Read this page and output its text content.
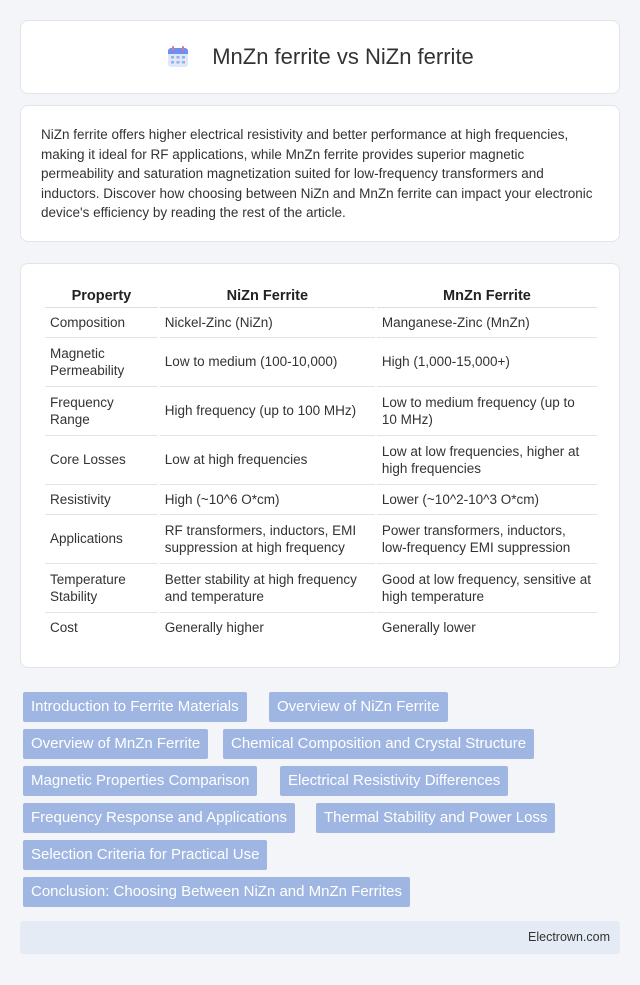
MnZn ferrite vs NiZn ferrite

NiZn ferrite offers higher electrical resistivity and better performance at high frequencies, making it ideal for RF applications, while MnZn ferrite provides superior magnetic permeability and saturation magnetization suited for low-frequency transformers and inductors. Discover how choosing between NiZn and MnZn ferrite can impact your electronic device's efficiency by reading the rest of the article.

Property	NiZn Ferrite	MnZn Ferrite
Composition	Nickel-Zinc (NiZn)	Manganese-Zinc (MnZn)
Magnetic Permeability	Low to medium (100-10,000)	High (1,000-15,000+)
Frequency Range	High frequency (up to 100 MHz)	Low to medium frequency (up to 10 MHz)
Core Losses	Low at high frequencies	Low at low frequencies, higher at high frequencies
Resistivity	High (~10^6 O*cm)	Lower (~10^2-10^3 O*cm)
Applications	RF transformers, inductors, EMI suppression at high frequency	Power transformers, inductors, low-frequency EMI suppression
Temperature Stability	Better stability at high frequency and temperature	Good at low frequency, sensitive at high temperature
Cost	Generally higher	Generally lower
Introduction to Ferrite Materials	Overview of NiZn Ferrite
Overview of MnZn Ferrite	Chemical Composition and Crystal Structure
Magnetic Properties Comparison	Electrical Resistivity Differences
Frequency Response and Applications	Thermal Stability and Power Loss
Selection Criteria for Practical Use
Conclusion: Choosing Between NiZn and MnZn Ferrites
Electrown.com
